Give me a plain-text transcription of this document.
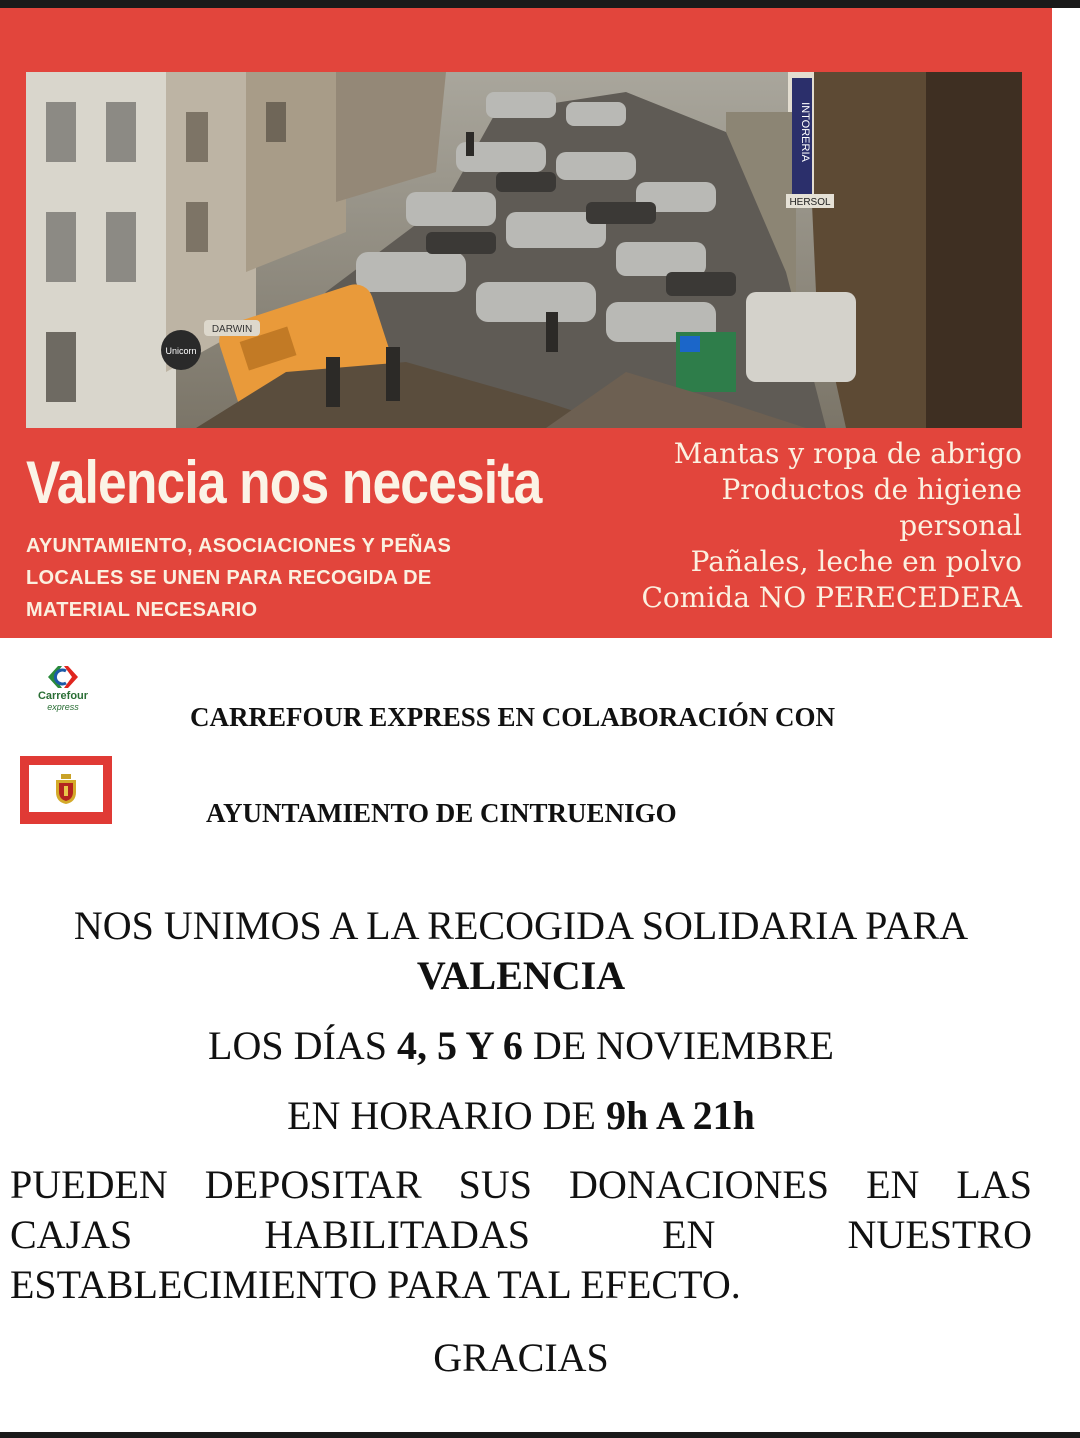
Unicorn
INTORERIA
HERSOL
DARWIN
Valencia nos necesita
AYUNTAMIENTO, ASOCIACIONES Y PEÑAS
LOCALES SE UNEN PARA RECOGIDA DE
MATERIAL NECESARIO
Mantas y ropa de abrigo
Productos de higiene
personal
Pañales, leche en polvo
Comida NO PERECEDERA
Carrefour
express	CARREFOUR EXPRESS EN COLABORACIÓN CON
AYUNTAMIENTO DE CINTRUENIGO
NOS UNIMOS A LA RECOGIDA SOLIDARIA PARA
VALENCIA
LOS DÍAS 4, 5 Y 6 DE NOVIEMBRE
EN HORARIO DE 9h A 21h
PUEDEN DEPOSITAR SUS DONACIONES EN LAS
CAJAS HABILITADAS EN NUESTRO
ESTABLECIMIENTO PARA TAL EFECTO.
GRACIAS
